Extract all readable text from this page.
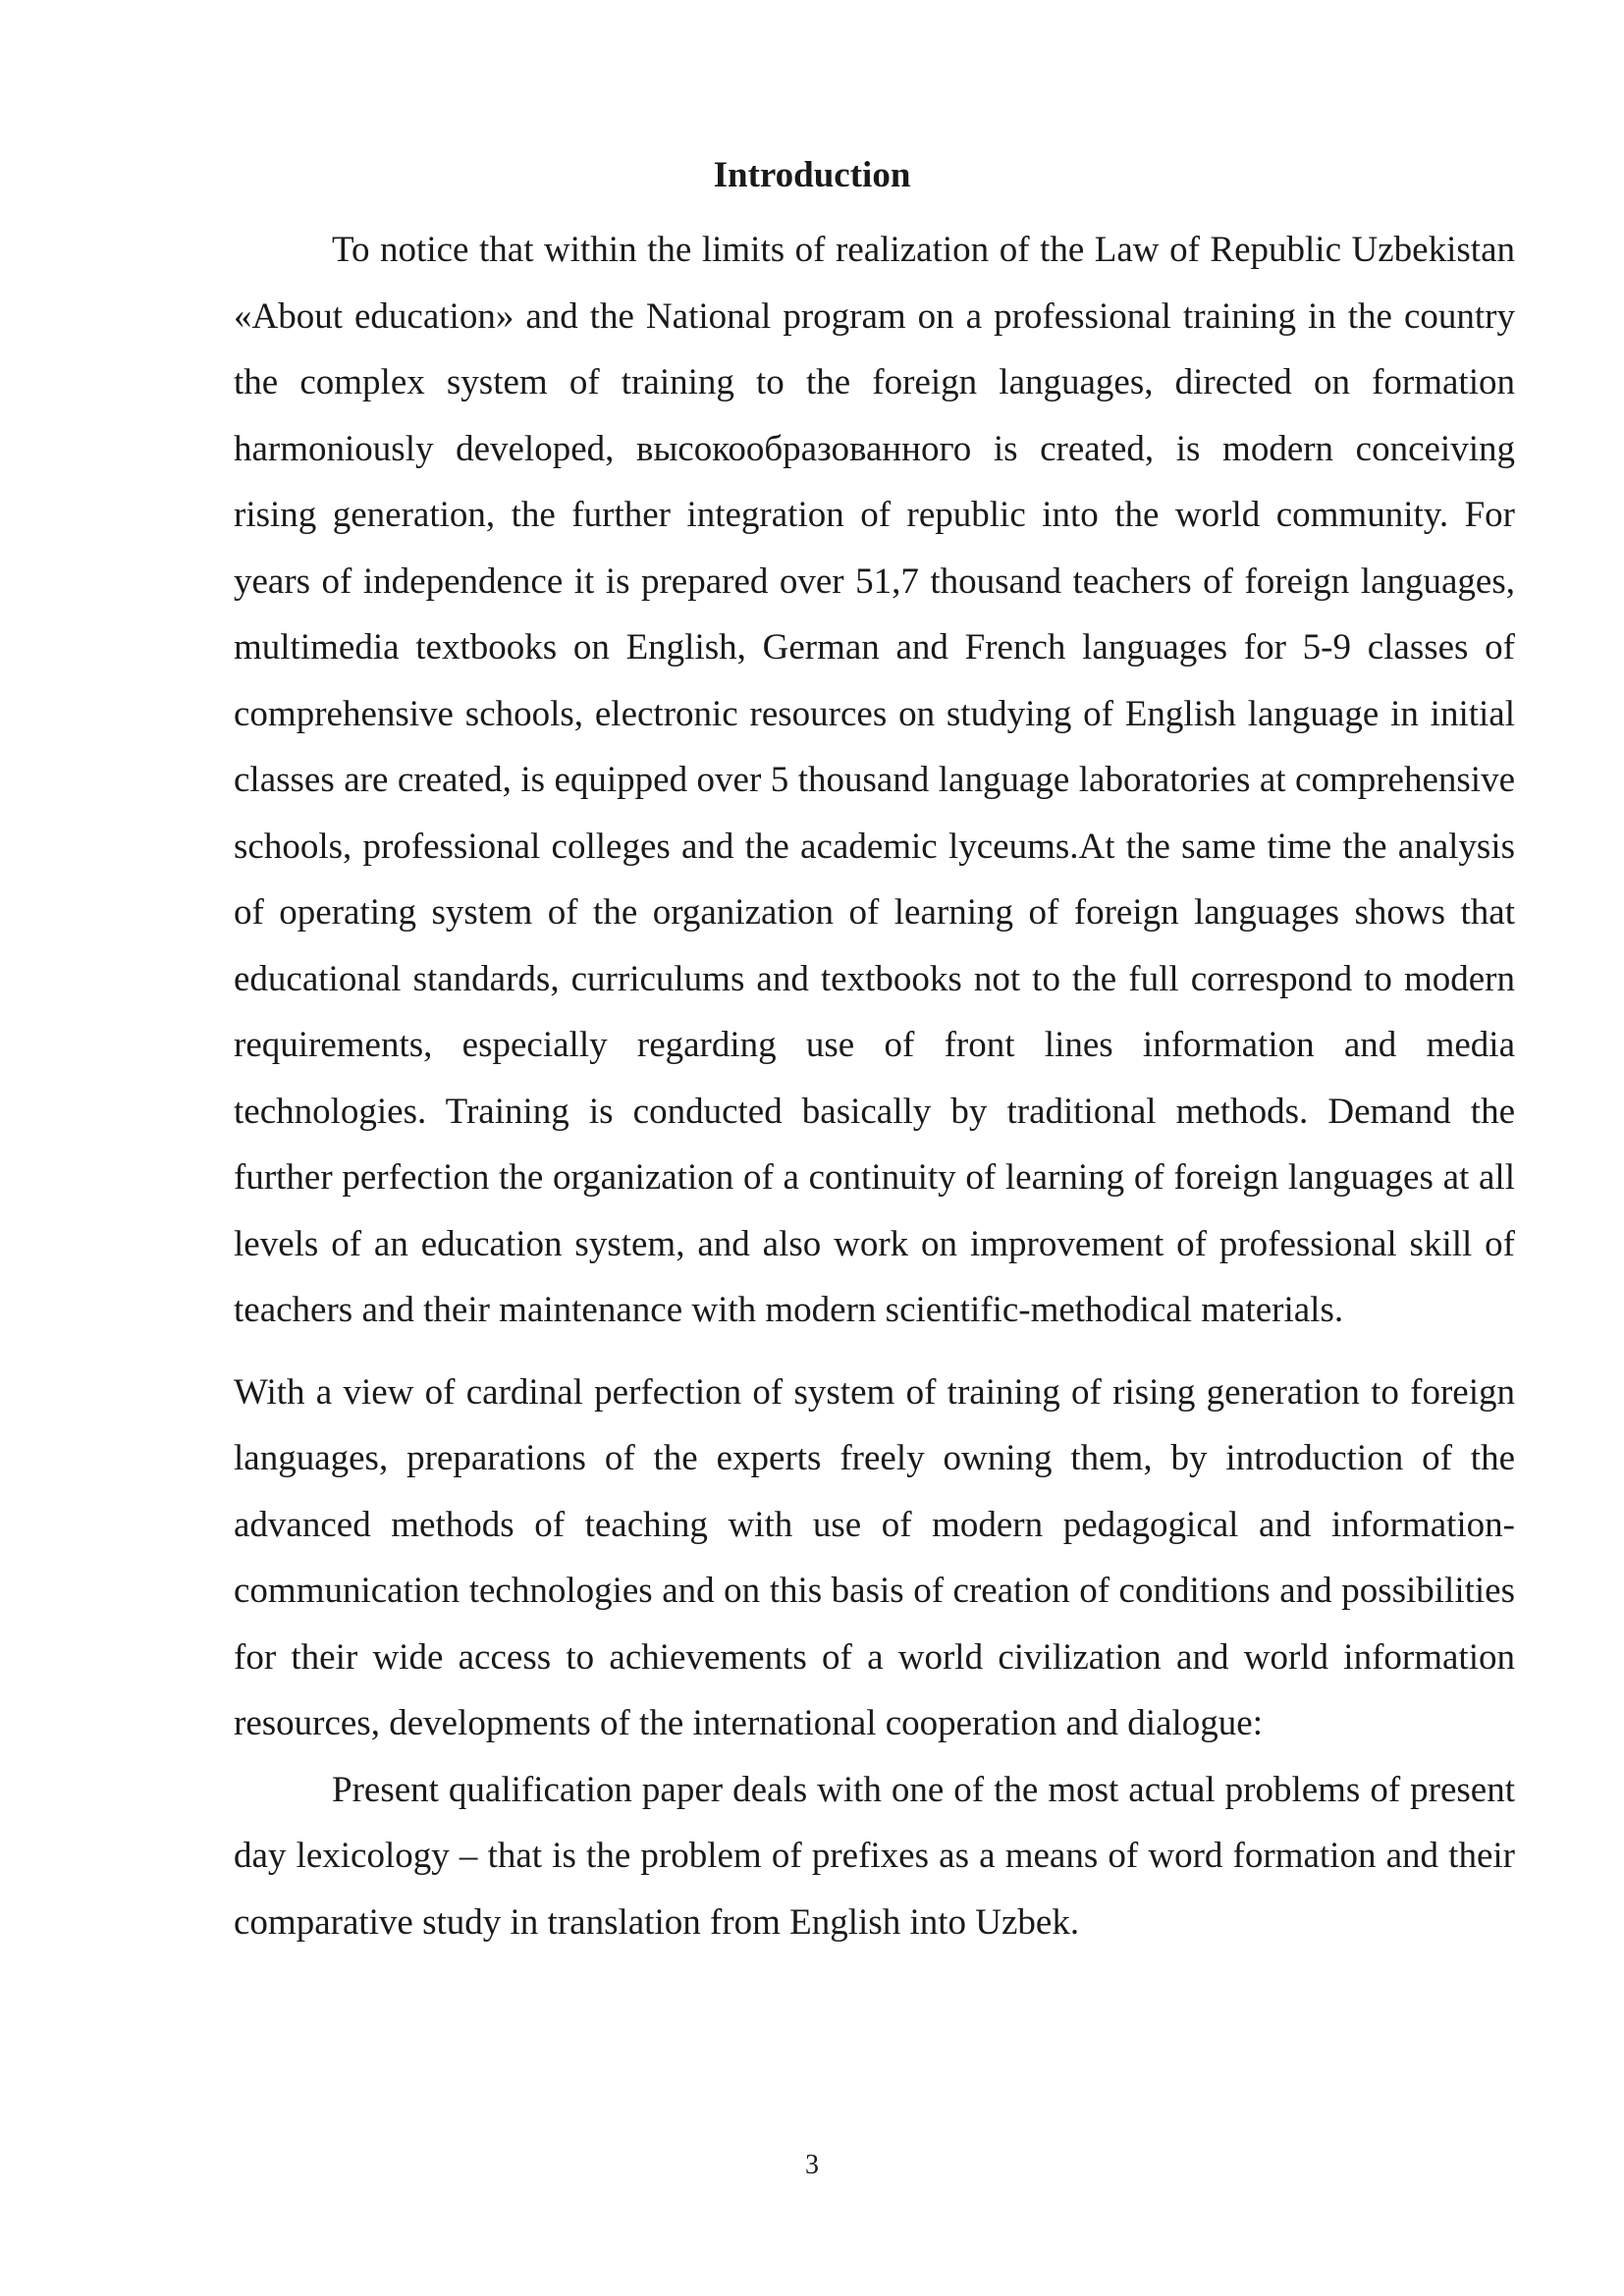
Introduction

To notice that within the limits of realization of the Law of Republic Uzbekistan «About education» and the National program on a professional training in the country the complex system of training to the foreign languages, directed on formation harmoniously developed, высокообразованного is created, is modern conceiving rising generation, the further integration of republic into the world community. For years of independence it is prepared over 51,7 thousand teachers of foreign languages, multimedia textbooks on English, German and French languages for 5-9 classes of comprehensive schools, electronic resources on studying of English language in initial classes are created, is equipped over 5 thousand language laboratories at comprehensive schools, professional colleges and the academic lyceums.At the same time the analysis of operating system of the organization of learning of foreign languages shows that educational standards, curriculums and textbooks not to the full correspond to modern requirements, especially regarding use of front lines information and media technologies. Training is conducted basically by traditional methods. Demand the further perfection the organization of a continuity of learning of foreign languages at all levels of an education system, and also work on improvement of professional skill of teachers and their maintenance with modern scientific-methodical materials.

With a view of cardinal perfection of system of training of rising generation to foreign languages, preparations of the experts freely owning them, by introduction of the advanced methods of teaching with use of modern pedagogical and information-communication technologies and on this basis of creation of conditions and possibilities for their wide access to achievements of a world civilization and world information resources, developments of the international cooperation and dialogue:

Present qualification paper deals with one of the most actual problems of present day lexicology – that is the problem of prefixes as a means of word formation and their comparative study in translation from English into Uzbek.

3
